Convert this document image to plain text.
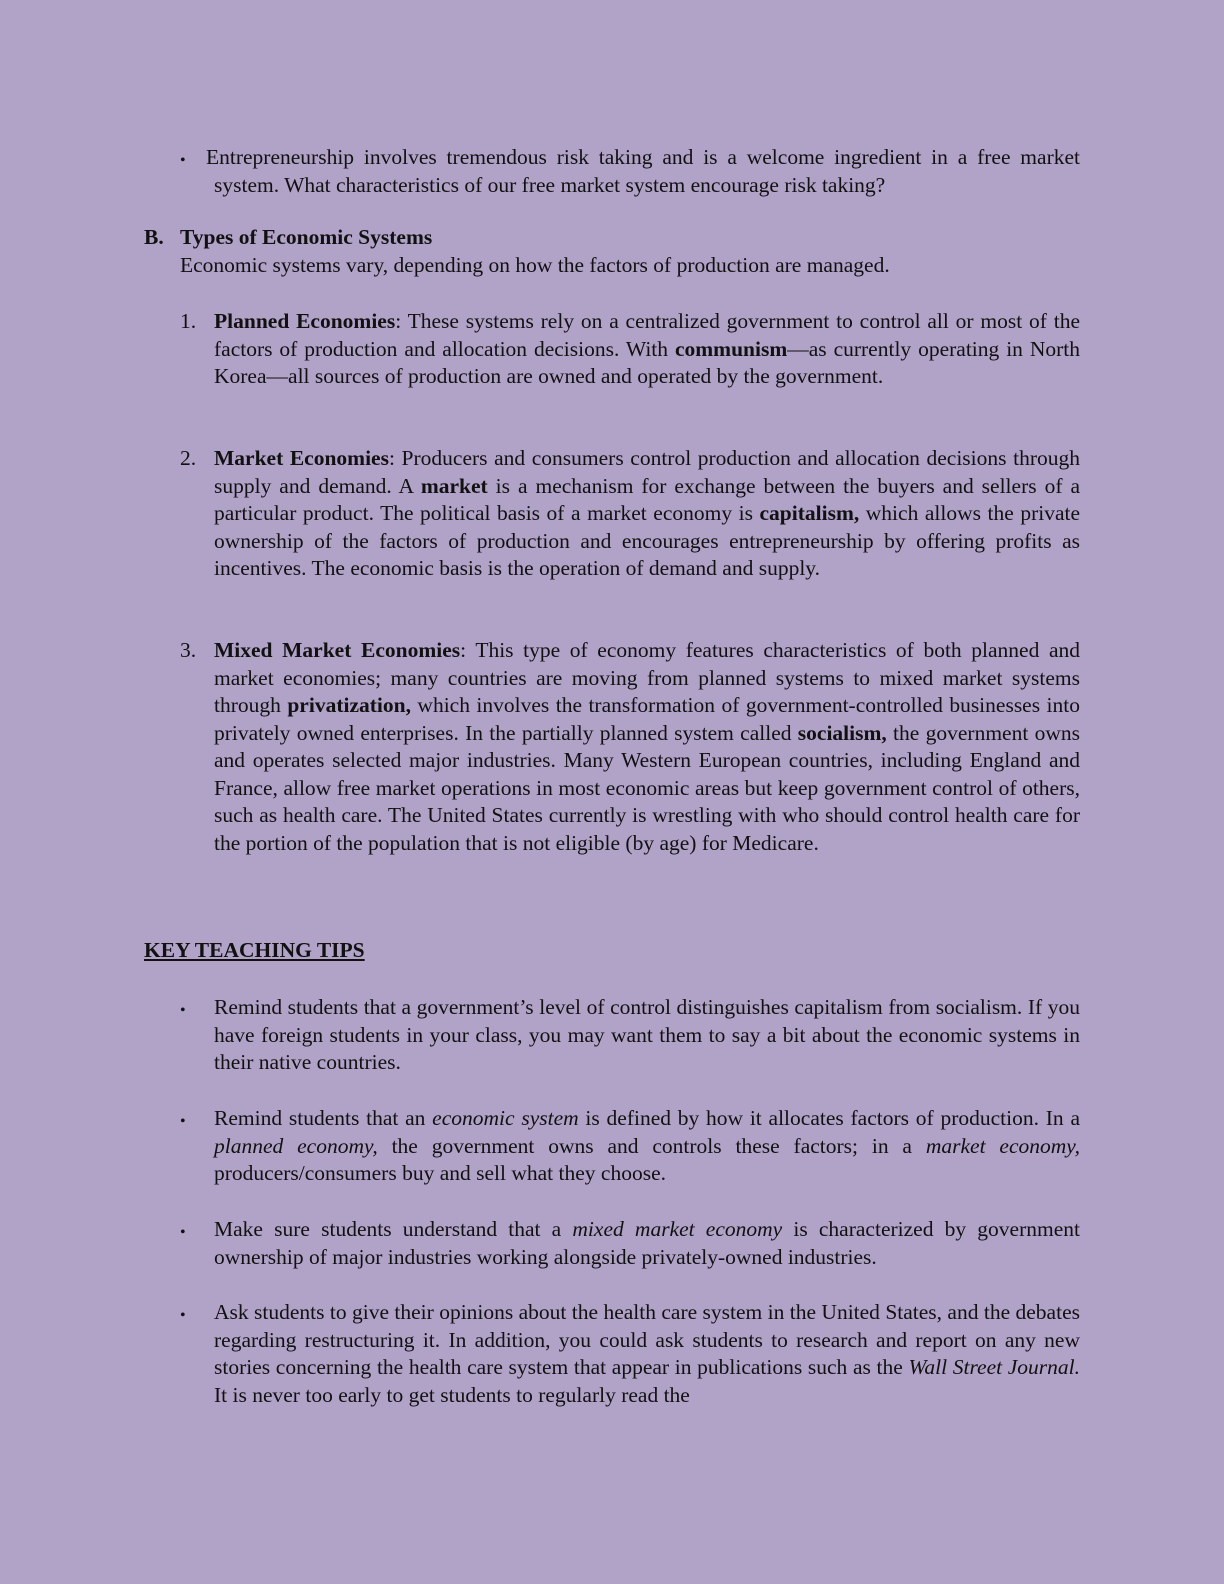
• Entrepreneurship involves tremendous risk taking and is a welcome ingredient in a free market system. What characteristics of our free market system encourage risk taking?

B. Types of Economic Systems

Economic systems vary, depending on how the factors of production are managed.

1. Planned Economies: These systems rely on a centralized government to control all or most of the factors of production and allocation decisions. With communism—as currently operating in North Korea—all sources of production are owned and operated by the government.

2. Market Economies: Producers and consumers control production and allocation decisions through supply and demand. A market is a mechanism for exchange between the buyers and sellers of a particular product. The political basis of a market economy is capitalism, which allows the private ownership of the factors of production and encourages entrepreneurship by offering profits as incentives. The economic basis is the operation of demand and supply.

3. Mixed Market Economies: This type of economy features characteristics of both planned and market economies; many countries are moving from planned systems to mixed market systems through privatization, which involves the transformation of government-controlled businesses into privately owned enterprises. In the partially planned system called socialism, the government owns and operates selected major industries. Many Western European countries, including England and France, allow free market operations in most economic areas but keep government control of others, such as health care. The United States currently is wrestling with who should control health care for the portion of the population that is not eligible (by age) for Medicare.

KEY TEACHING TIPS
• Remind students that a government’s level of control distinguishes capitalism from socialism. If you have foreign students in your class, you may want them to say a bit about the economic systems in their native countries.

• Remind students that an economic system is defined by how it allocates factors of production. In a planned economy, the government owns and controls these factors; in a market economy, producers/consumers buy and sell what they choose.

• Make sure students understand that a mixed market economy is characterized by government ownership of major industries working alongside privately-owned industries.

• Ask students to give their opinions about the health care system in the United States, and the debates regarding restructuring it. In addition, you could ask students to research and report on any new stories concerning the health care system that appear in publications such as the Wall Street Journal. It is never too early to get students to regularly read the
